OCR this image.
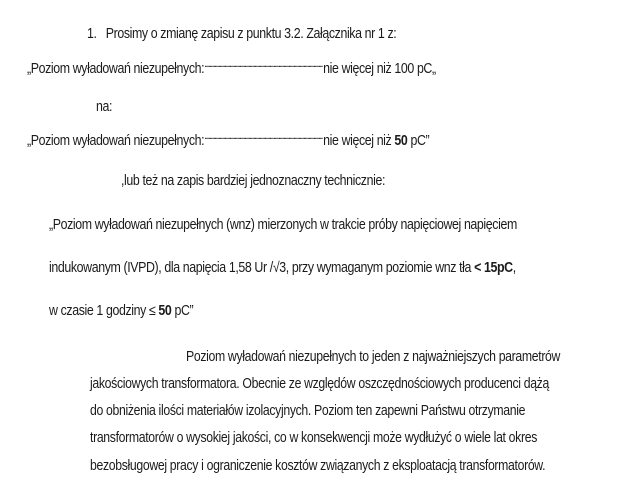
1. Prosimy o zmianę zapisu z punktu 3.2. Załącznika nr 1 z:
„Poziom wyładowań niezupełnych:...............................................................................................nie więcej niż 100 pC„
na:
„Poziom wyładowań niezupełnych:...............................................................................................nie więcej niż 50 pC”
,lub też na zapis bardziej jednoznaczny technicznie:
„Poziom wyładowań niezupełnych (wnz) mierzonych w trakcie próby napięciowej napięciem
indukowanym (IVPD), dla napięcia 1,58 Ur /√3, przy wymaganym poziomie wnz tła < 15pC,
w czasie 1 godziny ≤ 50 pC”
Poziom wyładowań niezupełnych to jeden z najważniejszych parametrów
jakościowych transformatora. Obecnie ze względów oszczędnościowych producenci dążą
do obniżenia ilości materiałów izolacyjnych. Poziom ten zapewni Państwu otrzymanie
transformatorów o wysokiej jakości, co w konsekwencji może wydłużyć o wiele lat okres
bezobsługowej pracy i ograniczenie kosztów związanych z eksploatacją transformatorów.
